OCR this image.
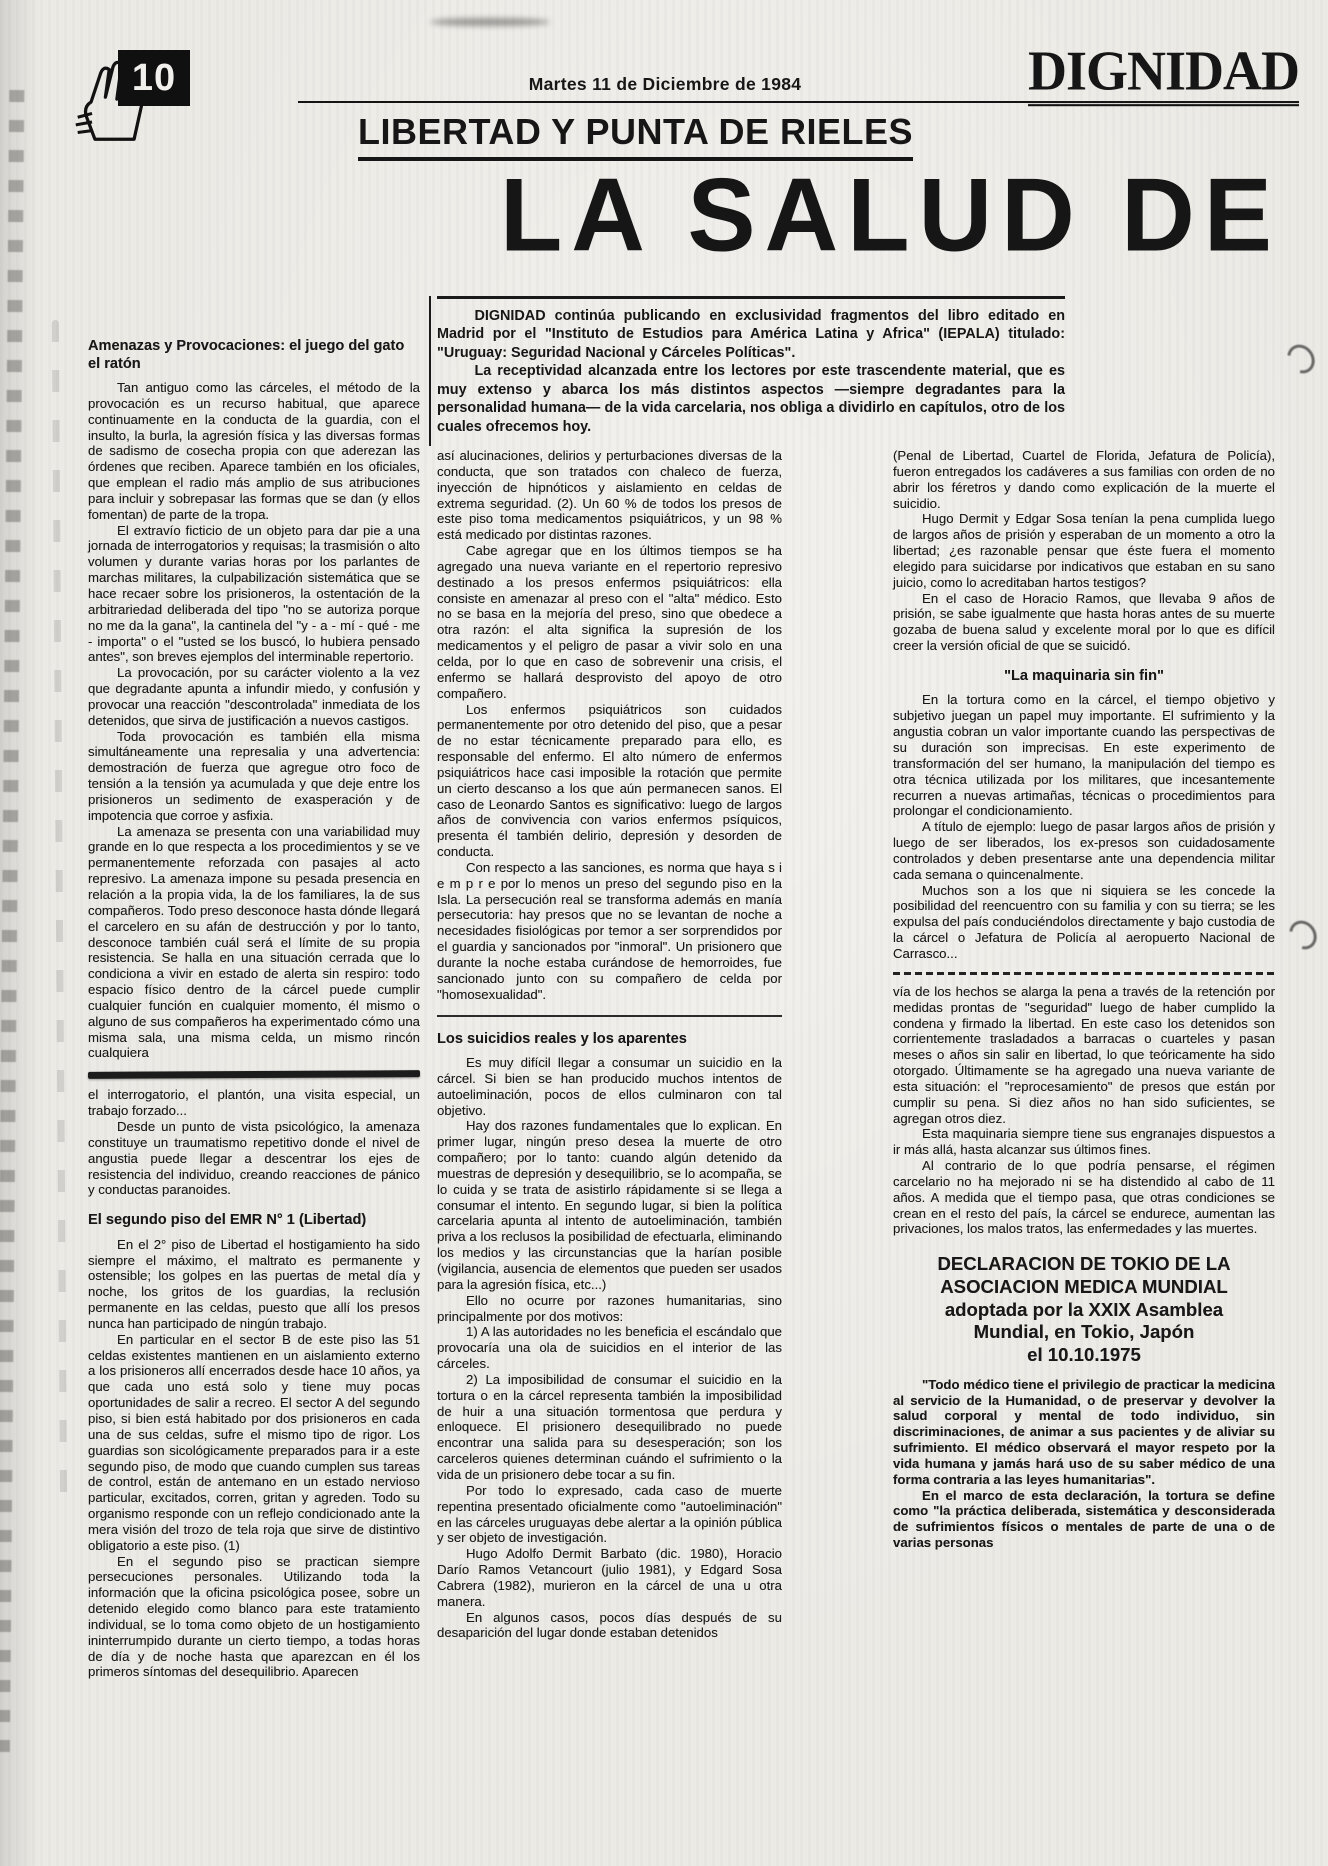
10	Martes 11 de Diciembre de 1984	DIGNIDAD
LIBERTAD Y PUNTA DE RIELES
LA SALUD DE

DIGNIDAD continúa publicando en exclusividad fragmentos del libro editado en Madrid por el "Instituto de Estudios para América Latina y Africa" (IEPALA) titulado: "Uruguay: Seguridad Nacional y Cárceles Políticas".

La receptividad alcanzada entre los lectores por este trascendente material, que es muy extenso y abarca los más distintos aspectos —siempre degradantes para la personalidad humana— de la vida carcelaria, nos obliga a dividirlo en capítulos, otro de los cuales ofrecemos hoy.

Amenazas y Provocaciones: el juego del gato el ratón

Tan antiguo como las cárceles, el método de la provocación es un recurso habitual, que aparece continuamente en la conducta de la guardia, con el insulto, la burla, la agresión física y las diversas formas de sadismo de cosecha propia con que aderezan las órdenes que reciben. Aparece también en los oficiales, que emplean el radio más amplio de sus atribuciones para incluir y sobrepasar las formas que se dan (y ellos fomentan) de parte de la tropa.

El extravío ficticio de un objeto para dar pie a una jornada de interrogatorios y requisas; la trasmisión o alto volumen y durante varias horas por los parlantes de marchas militares, la culpabilización sistemática que se hace recaer sobre los prisioneros, la ostentación de la arbitrariedad deliberada del tipo "no se autoriza porque no me da la gana", la cantinela del "y - a - mí - qué - me - importa" o el "usted se los buscó, lo hubiera pensado antes", son breves ejemplos del interminable repertorio.

La provocación, por su carácter violento a la vez que degradante apunta a infundir miedo, y confusión y provocar una reacción "descontrolada" inmediata de los detenidos, que sirva de justificación a nuevos castigos.

Toda provocación es también ella misma simultáneamente una represalia y una advertencia: demostración de fuerza que agregue otro foco de tensión a la tensión ya acumulada y que deje entre los prisioneros un sedimento de exasperación y de impotencia que corroe y asfixia.

La amenaza se presenta con una variabilidad muy grande en lo que respecta a los procedimientos y se ve permanentemente reforzada con pasajes al acto represivo. La amenaza impone su pesada presencia en relación a la propia vida, la de los familiares, la de sus compañeros. Todo preso desconoce hasta dónde llegará el carcelero en su afán de destrucción y por lo tanto, desconoce también cuál será el límite de su propia resistencia. Se halla en una situación cerrada que lo condiciona a vivir en estado de alerta sin respiro: todo espacio físico dentro de la cárcel puede cumplir cualquier función en cualquier momento, él mismo o alguno de sus compañeros ha experimentado cómo una misma sala, una misma celda, un mismo rincón cualquiera

el interrogatorio, el plantón, una visita especial, un trabajo forzado...

Desde un punto de vista psicológico, la amenaza constituye un traumatismo repetitivo donde el nivel de angustia puede llegar a descentrar los ejes de resistencia del individuo, creando reacciones de pánico y conductas paranoides.

El segundo piso del EMR N° 1 (Libertad)

En el 2° piso de Libertad el hostigamiento ha sido siempre el máximo, el maltrato es permanente y ostensible; los golpes en las puertas de metal día y noche, los gritos de los guardias, la reclusión permanente en las celdas, puesto que allí los presos nunca han participado de ningún trabajo.

En particular en el sector B de este piso las 51 celdas existentes mantienen en un aislamiento externo a los prisioneros allí encerrados desde hace 10 años, ya que cada uno está solo y tiene muy pocas oportunidades de salir a recreo. El sector A del segundo piso, si bien está habitado por dos prisioneros en cada una de sus celdas, sufre el mismo tipo de rigor. Los guardias son sicológicamente preparados para ir a este segundo piso, de modo que cuando cumplen sus tareas de control, están de antemano en un estado nervioso particular, excitados, corren, gritan y agreden. Todo su organismo responde con un reflejo condicionado ante la mera visión del trozo de tela roja que sirve de distintivo obligatorio a este piso. (1)

En el segundo piso se practican siempre persecuciones personales. Utilizando toda la información que la oficina psicológica posee, sobre un detenido elegido como blanco para este tratamiento individual, se lo toma como objeto de un hostigamiento ininterrumpido durante un cierto tiempo, a todas horas de día y de noche hasta que aparezcan en él los primeros síntomas del desequilibrio. Aparecen

así alucinaciones, delirios y perturbaciones diversas de la conducta, que son tratados con chaleco de fuerza, inyección de hipnóticos y aislamiento en celdas de extrema seguridad. (2). Un 60 % de todos los presos de este piso toma medicamentos psiquiátricos, y un 98 % está medicado por distintas razones.

Cabe agregar que en los últimos tiempos se ha agregado una nueva variante en el repertorio represivo destinado a los presos enfermos psiquiátricos: ella consiste en amenazar al preso con el "alta" médico. Esto no se basa en la mejoría del preso, sino que obedece a otra razón: el alta significa la supresión de los medicamentos y el peligro de pasar a vivir solo en una celda, por lo que en caso de sobrevenir una crisis, el enfermo se hallará desprovisto del apoyo de otro compañero.

Los enfermos psiquiátricos son cuidados permanentemente por otro detenido del piso, que a pesar de no estar técnicamente preparado para ello, es responsable del enfermo. El alto número de enfermos psiquiátricos hace casi imposible la rotación que permite un cierto descanso a los que aún permanecen sanos. El caso de Leonardo Santos es significativo: luego de largos años de convivencia con varios enfermos psíquicos, presenta él también delirio, depresión y desorden de conducta.

Con respecto a las sanciones, es norma que haya s i e m p r e por lo menos un preso del segundo piso en la Isla. La persecución real se transforma además en manía persecutoria: hay presos que no se levantan de noche a necesidades fisiológicas por temor a ser sorprendidos por el guardia y sancionados por "inmoral". Un prisionero que durante la noche estaba curándose de hemorroides, fue sancionado junto con su compañero de celda por "homosexualidad".

Los suicidios reales y los aparentes

Es muy difícil llegar a consumar un suicidio en la cárcel. Si bien se han producido muchos intentos de autoeliminación, pocos de ellos culminaron con tal objetivo.

Hay dos razones fundamentales que lo explican. En primer lugar, ningún preso desea la muerte de otro compañero; por lo tanto: cuando algún detenido da muestras de depresión y desequilibrio, se lo acompaña, se lo cuida y se trata de asistirlo rápidamente si se llega a consumar el intento. En segundo lugar, si bien la política carcelaria apunta al intento de autoeliminación, también priva a los reclusos la posibilidad de efectuarla, eliminando los medios y las circunstancias que la harían posible (vigilancia, ausencia de elementos que pueden ser usados para la agresión física, etc...)

Ello no ocurre por razones humanitarias, sino principalmente por dos motivos:

1) A las autoridades no les beneficia el escándalo que provocaría una ola de suicidios en el interior de las cárceles.

2) La imposibilidad de consumar el suicidio en la tortura o en la cárcel representa también la imposibilidad de huir a una situación tormentosa que perdura y enloquece. El prisionero desequilibrado no puede encontrar una salida para su desesperación; son los carceleros quienes determinan cuándo el sufrimiento o la vida de un prisionero debe tocar a su fin.

Por todo lo expresado, cada caso de muerte repentina presentado oficialmente como "autoeliminación" en las cárceles uruguayas debe alertar a la opinión pública y ser objeto de investigación.

Hugo Adolfo Dermit Barbato (dic. 1980), Horacio Darío Ramos Vetancourt (julio 1981), y Edgard Sosa Cabrera (1982), murieron en la cárcel de una u otra manera.

En algunos casos, pocos días después de su desaparición del lugar donde estaban detenidos

(Penal de Libertad, Cuartel de Florida, Jefatura de Policía), fueron entregados los cadáveres a sus familias con orden de no abrir los féretros y dando como explicación de la muerte el suicidio.

Hugo Dermit y Edgar Sosa tenían la pena cumplida luego de largos años de prisión y esperaban de un momento a otro la libertad; ¿es razonable pensar que éste fuera el momento elegido para suicidarse por indicativos que estaban en su sano juicio, como lo acreditaban hartos testigos?

En el caso de Horacio Ramos, que llevaba 9 años de prisión, se sabe igualmente que hasta horas antes de su muerte gozaba de buena salud y excelente moral por lo que es difícil creer la versión oficial de que se suicidó.

"La maquinaria sin fin"

En la tortura como en la cárcel, el tiempo objetivo y subjetivo juegan un papel muy importante. El sufrimiento y la angustia cobran un valor importante cuando las perspectivas de su duración son imprecisas. En este experimento de transformación del ser humano, la manipulación del tiempo es otra técnica utilizada por los militares, que incesantemente recurren a nuevas artimañas, técnicas o procedimientos para prolongar el condicionamiento.

A título de ejemplo: luego de pasar largos años de prisión y luego de ser liberados, los ex-presos son cuidadosamente controlados y deben presentarse ante una dependencia militar cada semana o quincenalmente.

Muchos son a los que ni siquiera se les concede la posibilidad del reencuentro con su familia y con su tierra; se les expulsa del país conduciéndolos directamente y bajo custodia de la cárcel o Jefatura de Policía al aeropuerto Nacional de Carrasco...

vía de los hechos se alarga la pena a través de la retención por medidas prontas de "seguridad" luego de haber cumplido la condena y firmado la libertad. En este caso los detenidos son corrientemente trasladados a barracas o cuarteles y pasan meses o años sin salir en libertad, lo que teóricamente ha sido otorgado. Últimamente se ha agregado una nueva variante de esta situación: el "reprocesamiento" de presos que están por cumplir su pena. Si diez años no han sido suficientes, se agregan otros diez.

Esta maquinaria siempre tiene sus engranajes dispuestos a ir más allá, hasta alcanzar sus últimos fines.

Al contrario de lo que podría pensarse, el régimen carcelario no ha mejorado ni se ha distendido al cabo de 11 años. A medida que el tiempo pasa, que otras condiciones se crean en el resto del país, la cárcel se endurece, aumentan las privaciones, los malos tratos, las enfermedades y las muertes.

DECLARACION DE TOKIO DE LA
ASOCIACION MEDICA MUNDIAL
adoptada por la XXIX Asamblea
Mundial, en Tokio, Japón
el 10.10.1975

"Todo médico tiene el privilegio de practicar la medicina al servicio de la Humanidad, o de preservar y devolver la salud corporal y mental de todo individuo, sin discriminaciones, de animar a sus pacientes y de aliviar su sufrimiento. El médico observará el mayor respeto por la vida humana y jamás hará uso de su saber médico de una forma contraria a las leyes humanitarias".

En el marco de esta declaración, la tortura se define como "la práctica deliberada, sistemática y desconsiderada de sufrimientos físicos o mentales de parte de una o de varias personas
